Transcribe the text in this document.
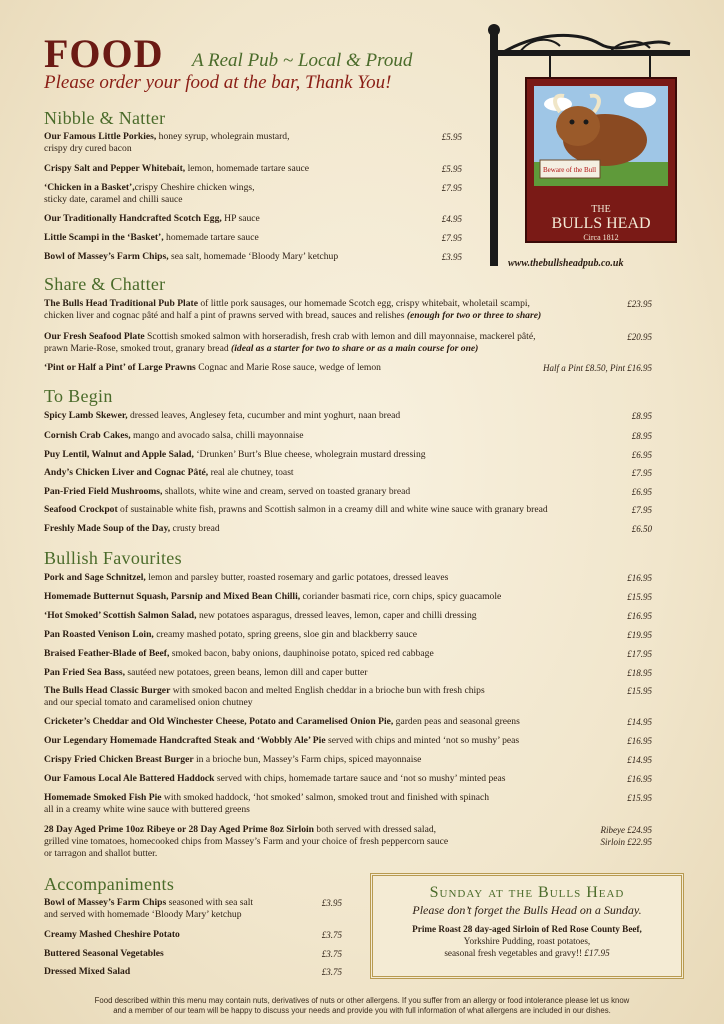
FOOD A Real Pub ~ Local & Proud
Please order your food at the bar, Thank You!
Beware of the Bull
THE
BULLS HEAD
Circa 1812
www.thebullsheadpub.co.uk
Nibble & Natter
Our Famous Little Porkies, honey syrup, wholegrain mustard,
crispy dry cured bacon
£5.95
Crispy Salt and Pepper Whitebait, lemon, homemade tartare sauce	£5.95
‘Chicken in a Basket’,crispy Cheshire chicken wings,
sticky date, caramel and chilli sauce
£7.95
Our Traditionally Handcrafted Scotch Egg, HP sauce	£4.95
Little Scampi in the ‘Basket’, homemade tartare sauce	£7.95
Bowl of Massey’s Farm Chips, sea salt, homemade ‘Bloody Mary’ ketchup	£3.95
Share & Chatter
The Bulls Head Traditional Pub Plate of little pork sausages, our homemade Scotch egg, crispy whitebait, wholetail scampi,
chicken liver and cognac pâté and half a pint of prawns served with bread, sauces and relishes (enough for two or three to share)
£23.95
Our Fresh Seafood Plate Scottish smoked salmon with horseradish, fresh crab with lemon and dill mayonnaise, mackerel pâté,
prawn Marie-Rose, smoked trout, granary bread (ideal as a starter for two to share or as a main course for one)
£20.95
‘Pint or Half a Pint’ of Large Prawns Cognac and Marie Rose sauce, wedge of lemon	Half a Pint £8.50, Pint £16.95
To Begin
Spicy Lamb Skewer, dressed leaves, Anglesey feta, cucumber and mint yoghurt, naan bread	£8.95
Cornish Crab Cakes, mango and avocado salsa, chilli mayonnaise	£8.95
Puy Lentil, Walnut and Apple Salad, ‘Drunken’ Burt’s Blue cheese, wholegrain mustard dressing	£6.95
Andy’s Chicken Liver and Cognac Pâté, real ale chutney, toast	£7.95
Pan-Fried Field Mushrooms, shallots, white wine and cream, served on toasted granary bread	£6.95
Seafood Crockpot of sustainable white fish, prawns and Scottish salmon in a creamy dill and white wine sauce with granary bread	£7.95
Freshly Made Soup of the Day, crusty bread	£6.50
Bullish Favourites
Pork and Sage Schnitzel, lemon and parsley butter, roasted rosemary and garlic potatoes, dressed leaves	£16.95
Homemade Butternut Squash, Parsnip and Mixed Bean Chilli, coriander basmati rice, corn chips, spicy guacamole	£15.95
‘Hot Smoked’ Scottish Salmon Salad, new potatoes asparagus, dressed leaves, lemon, caper and chilli dressing	£16.95
Pan Roasted Venison Loin, creamy mashed potato, spring greens, sloe gin and blackberry sauce	£19.95
Braised Feather-Blade of Beef, smoked bacon, baby onions, dauphinoise potato, spiced red cabbage	£17.95
Pan Fried Sea Bass, sautéed new potatoes, green beans, lemon dill and caper butter	£18.95
The Bulls Head Classic Burger with smoked bacon and melted English cheddar in a brioche bun with fresh chips
and our special tomato and caramelised onion chutney
£15.95
Cricketer’s Cheddar and Old Winchester Cheese, Potato and Caramelised Onion Pie, garden peas and seasonal greens	£14.95
Our Legendary Homemade Handcrafted Steak and ‘Wobbly Ale’ Pie served with chips and minted ‘not so mushy’ peas	£16.95
Crispy Fried Chicken Breast Burger in a brioche bun, Massey’s Farm chips, spiced mayonnaise	£14.95
Our Famous Local Ale Battered Haddock served with chips, homemade tartare sauce and ‘not so mushy’ minted peas	£16.95
Homemade Smoked Fish Pie with smoked haddock, ‘hot smoked’ salmon, smoked trout and finished with spinach
all in a creamy white wine sauce with buttered greens
£15.95
28 Day Aged Prime 10oz Ribeye or 28 Day Aged Prime 8oz Sirloin both served with dressed salad,
grilled vine tomatoes, homecooked chips from Massey’s Farm and your choice of fresh peppercorn sauce
or tarragon and shallot butter.
Ribeye £24.95
Sirloin £22.95
Accompaniments
Bowl of Massey’s Farm Chips seasoned with sea salt
and served with homemade ‘Bloody Mary’ ketchup
£3.95
Creamy Mashed Cheshire Potato	£3.75
Buttered Seasonal Vegetables	£3.75
Dressed Mixed Salad	£3.75
Sunday at the Bulls Head
Please don’t forget the Bulls Head on a Sunday.
Prime Roast 28 day-aged Sirloin of Red Rose County Beef,
Yorkshire Pudding, roast potatoes,
seasonal fresh vegetables and gravy!! £17.95
Food described within this menu may contain nuts, derivatives of nuts or other allergens. If you suffer from an allergy or food intolerance please let us know
and a member of our team will be happy to discuss your needs and provide you with full information of what allergens are included in our dishes.
